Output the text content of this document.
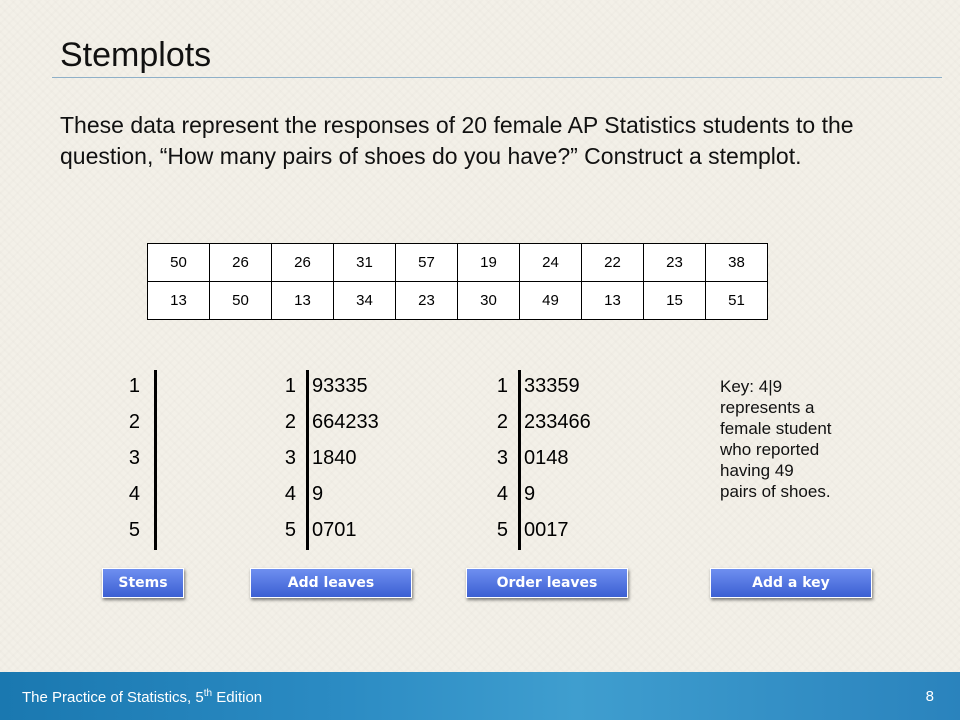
Stemplots
These data represent the responses of 20 female AP Statistics students to the question, “How many pairs of shoes do you have?” Construct a stemplot.
50	26	26	31	57	19	24	22	23	38
13	50	13	34	23	30	49	13	15	51
1
2
3
4
5
1 93335
2 664233
3 1840
4 9
5 0701
1 33359
2 233466
3 0148
4 9
5 0017
Key: 4|9
represents a
female student
who reported
having 49
pairs of shoes.
Stems	Add leaves	Order leaves	Add a key
The Practice of Statistics, 5th Edition	8
